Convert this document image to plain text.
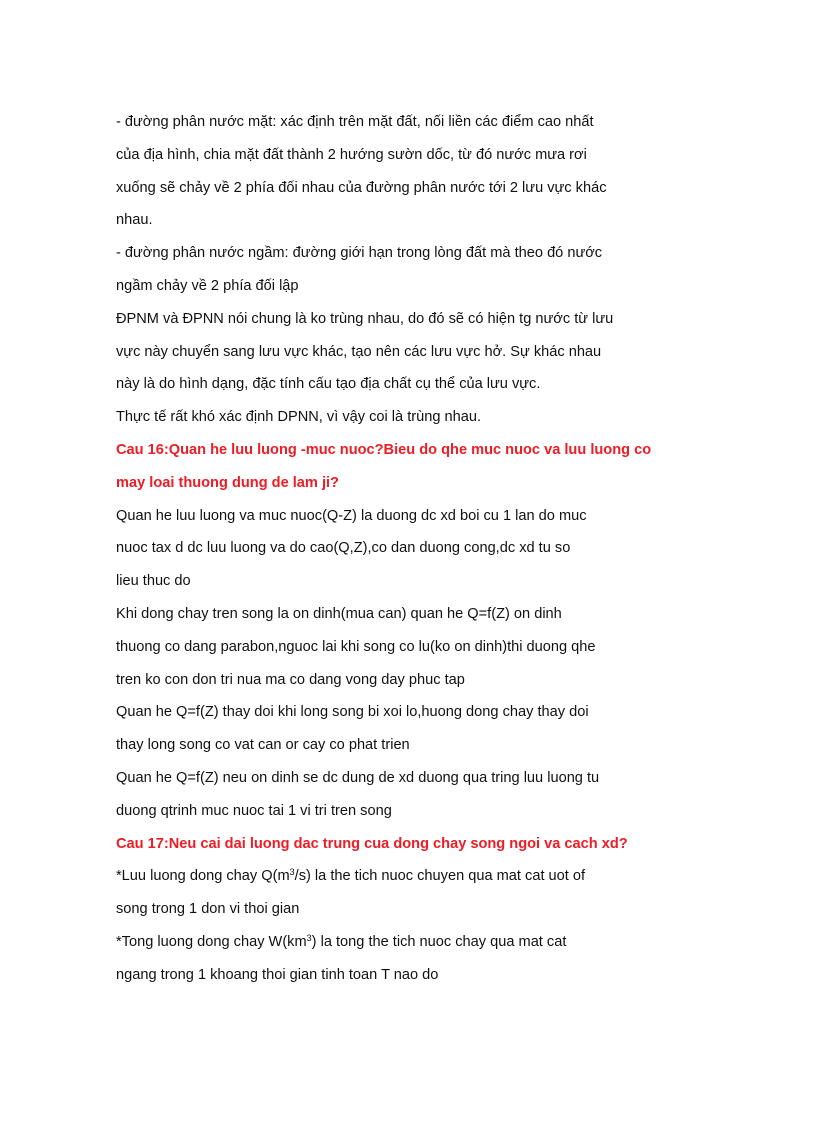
- đường phân nước mặt: xác định trên mặt đất, nối liền các điểm cao nhất
của địa hình, chia mặt đất thành 2 hướng sườn dốc, từ đó nước mưa rơi
xuống sẽ chảy về 2 phía đối nhau của đường phân nước tới 2 lưu vực khác
nhau.
- đường phân nước ngầm: đường giới hạn trong lòng đất mà theo đó nước
ngầm chảy về 2 phía đối lập
ĐPNM và ĐPNN nói chung là ko trùng nhau, do đó sẽ có hiện tg nước từ lưu
vực này chuyển sang lưu vực khác, tạo nên các lưu vực hở. Sự khác nhau
này là do hình dạng, đặc tính cấu tạo địa chất cụ thể của lưu vực.
Thực tế rất khó xác định DPNN, vì vậy coi là trùng nhau.
Cau 16:Quan he luu luong -muc nuoc?Bieu do qhe muc nuoc va luu luong co
may loai thuong dung de lam ji?
Quan he luu luong va muc nuoc(Q-Z) la duong dc xd boi cu 1 lan do muc
nuoc tax d dc luu luong va do cao(Q,Z),co dan duong cong,dc xd tu so
lieu thuc do
Khi dong chay tren song la on dinh(mua can) quan he Q=f(Z) on dinh
thuong co dang parabon,nguoc lai khi song co lu(ko on dinh)thi duong qhe
tren ko con don tri nua ma co dang vong day phuc tap
Quan he Q=f(Z) thay doi khi long song bi xoi lo,huong dong chay thay doi
thay long song co vat can or cay co phat trien
Quan he Q=f(Z) neu on dinh se dc dung de xd duong qua tring luu luong tu
duong qtrinh muc nuoc tai 1 vi tri tren song
Cau 17:Neu cai dai luong dac trung cua dong chay song ngoi va cach xd?
*Luu luong dong chay $Q(m^3/s)$ la the tich nuoc chuyen qua mat cat uot of
song trong 1 don vi thoi gian
*Tong luong dong chay $W(km^3)$ la tong the tich nuoc chay qua mat cat
ngang trong 1 khoang thoi gian tinh toan T nao do
